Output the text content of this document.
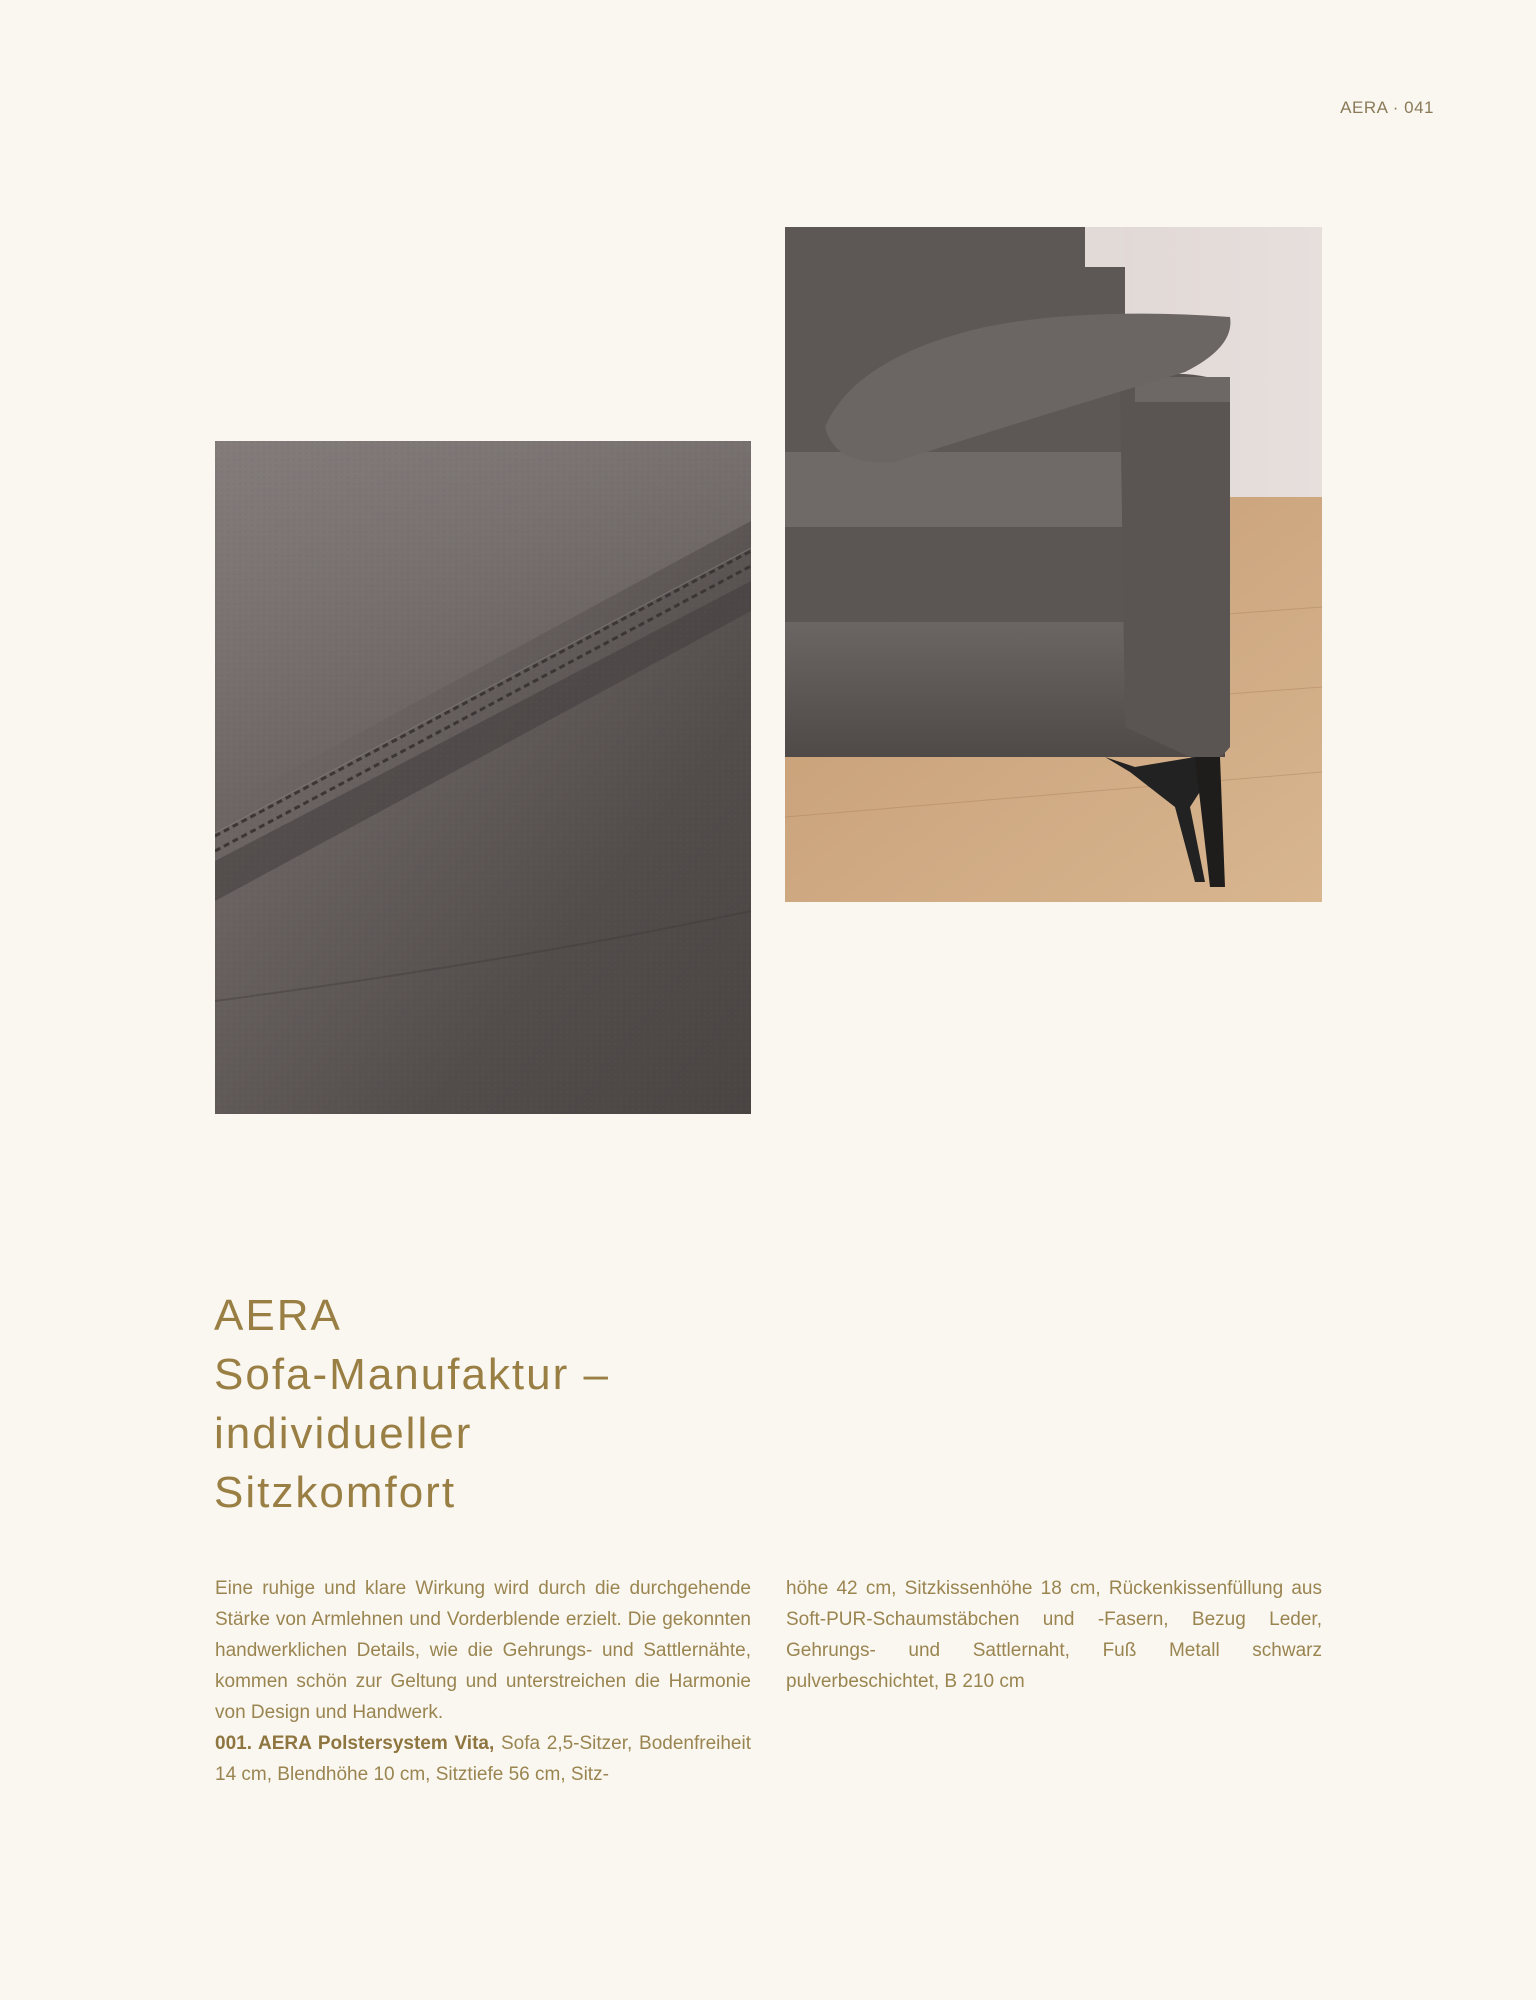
AERA · 041
AERA
Sofa-Manufaktur –
individueller
Sitzkomfort

Eine ruhige und klare Wirkung wird durch die durchgehende Stärke von Armlehnen und Vorderblende erzielt. Die gekonnten handwerklichen Details, wie die Gehrungs- und Sattlernähte, kommen schön zur Geltung und unterstreichen die Harmonie von Design und Handwerk.

001. AERA Polstersystem Vita, Sofa 2,5-Sitzer, Bodenfreiheit 14 cm, Blendhöhe 10 cm, Sitztiefe 56 cm, Sitz-

höhe 42 cm, Sitzkissenhöhe 18 cm, Rückenkissenfüllung aus Soft-PUR-Schaumstäbchen und -Fasern, Bezug Leder, Gehrungs- und Sattlernaht, Fuß Metall schwarz pulverbeschichtet, B 210 cm
